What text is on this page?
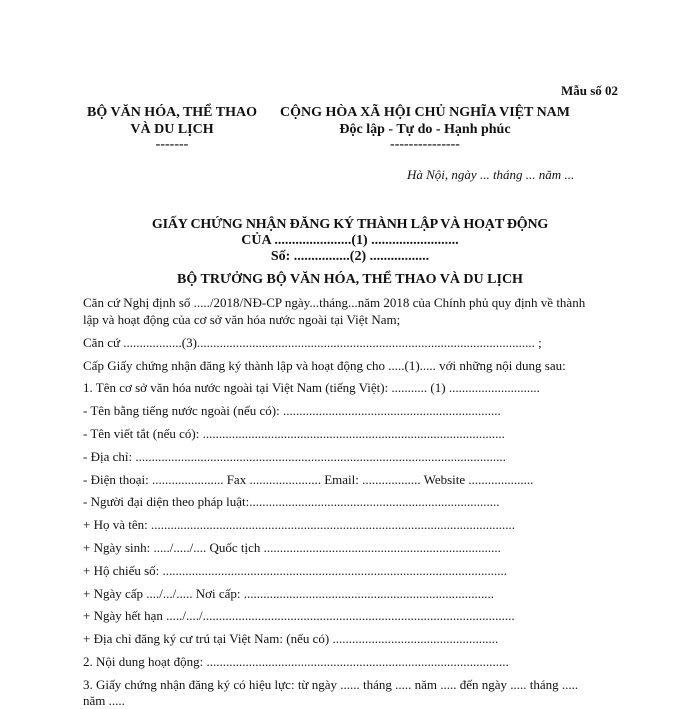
Mẫu số 02
BỘ VĂN HÓA, THỂ THAO
VÀ DU LỊCH
-------
CỘNG HÒA XÃ HỘI CHỦ NGHĨA VIỆT NAM
Độc lập - Tự do - Hạnh phúc
---------------
Hà Nội, ngày ... tháng ... năm ...
GIẤY CHỨNG NHẬN ĐĂNG KÝ THÀNH LẬP VÀ HOẠT ĐỘNG
CỦA ......................(1) .........................
Số: ................(2) .................
BỘ TRƯỞNG BỘ VĂN HÓA, THỂ THAO VÀ DU LỊCH
Căn cứ Nghị định số ...../2018/NĐ-CP ngày...tháng...năm 2018 của Chính phủ quy định về thành
lập và hoạt động của cơ sở văn hóa nước ngoài tại Việt Nam;
Căn cứ ..................(3)........................................................................................................ ;
Cấp Giấy chứng nhận đăng ký thành lập và hoạt động cho .....(1)..... với những nội dung sau:
1. Tên cơ sở văn hóa nước ngoài tại Việt Nam (tiếng Việt): ........... (1) ............................
- Tên bằng tiếng nước ngoài (nếu có): ...................................................................
- Tên viết tắt (nếu có): .............................................................................................
- Địa chỉ: ..................................................................................................................
- Điện thoại: ...................... Fax ...................... Email: .................. Website ....................
- Người đại diện theo pháp luật:.............................................................................
+ Họ và tên: ................................................................................................................
+ Ngày sinh: ...../...../.... Quốc tịch .........................................................................
+ Hộ chiếu số: ..........................................................................................................
+ Ngày cấp ..../.../..... Nơi cấp: .............................................................................
+ Ngày hết hạn ...../..../................................................................................................
+ Địa chỉ đăng ký cư trú tại Việt Nam: (nếu có) ...................................................
2. Nội dung hoạt động: .............................................................................................
3. Giấy chứng nhận đăng ký có hiệu lực: từ ngày ...... tháng ..... năm ..... đến ngày ..... tháng .....
năm .....
